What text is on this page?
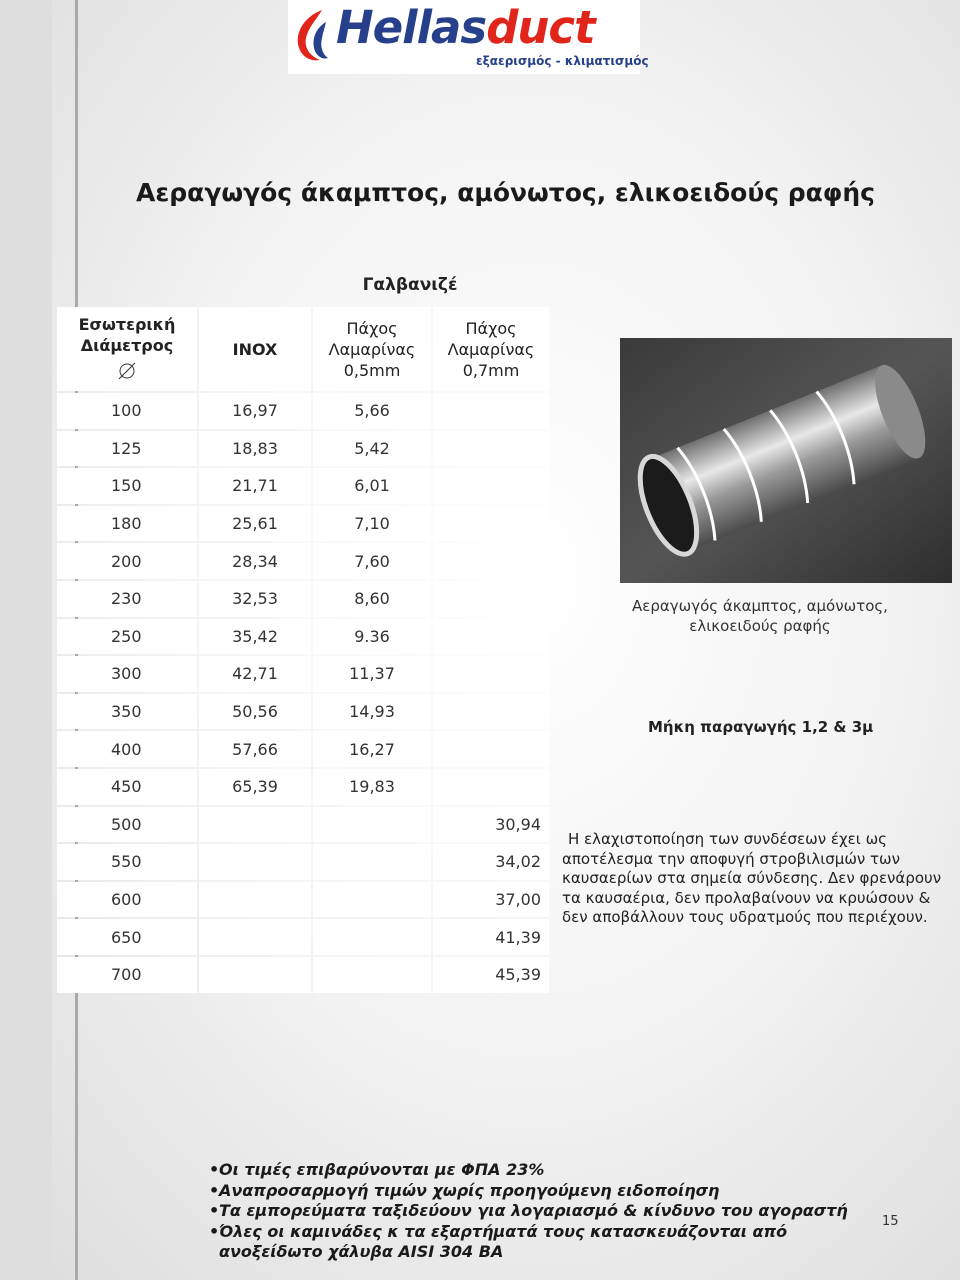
Hellasduct
εξαερισμός - κλιματισμός
Αεραγωγός άκαμπτος, αμόνωτος, ελικοειδούς ραφής
Γαλβανιζέ
Εσωτερική Διάμετρος	INOX	Πάχος Λαμαρίνας 0,5mm	Πάχος Λαμαρίνας 0,7mm
100	16,97	5,66	
125	18,83	5,42	
150	21,71	6,01	
180	25,61	7,10	
200	28,34	7,60	
230	32,53	8,60	
250	35,42	9.36	
300	42,71	11,37	
350	50,56	14,93	
400	57,66	16,27	
450	65,39	19,83	
500			30,94
550			34,02
600			37,00
650			41,39
700			45,39
Αεραγωγός άκαμπτος, αμόνωτος, ελικοειδούς ραφής
Μήκη παραγωγής 1,2 & 3μ
Η ελαχιστοποίηση των συνδέσεων έχει ως αποτέλεσμα την αποφυγή στροβιλισμών των καυσαερίων στα σημεία σύνδεσης. Δεν φρενάρουν τα καυσαέρια, δεν προλαβαίνουν να κρυώσουν & δεν αποβάλλουν τους υδρατμούς που περιέχουν.
• Οι τιμές επιβαρύνονται με ΦΠΑ 23%
• Αναπροσαρμογή τιμών χωρίς προηγούμενη ειδοποίηση
• Τα εμπορεύματα ταξιδεύουν για λογαριασμό & κίνδυνο του αγοραστή
• Όλες οι καμινάδες κ τα εξαρτήματά τους κατασκευάζονται από ανοξείδωτο χάλυβα AISI 304 BA
15
